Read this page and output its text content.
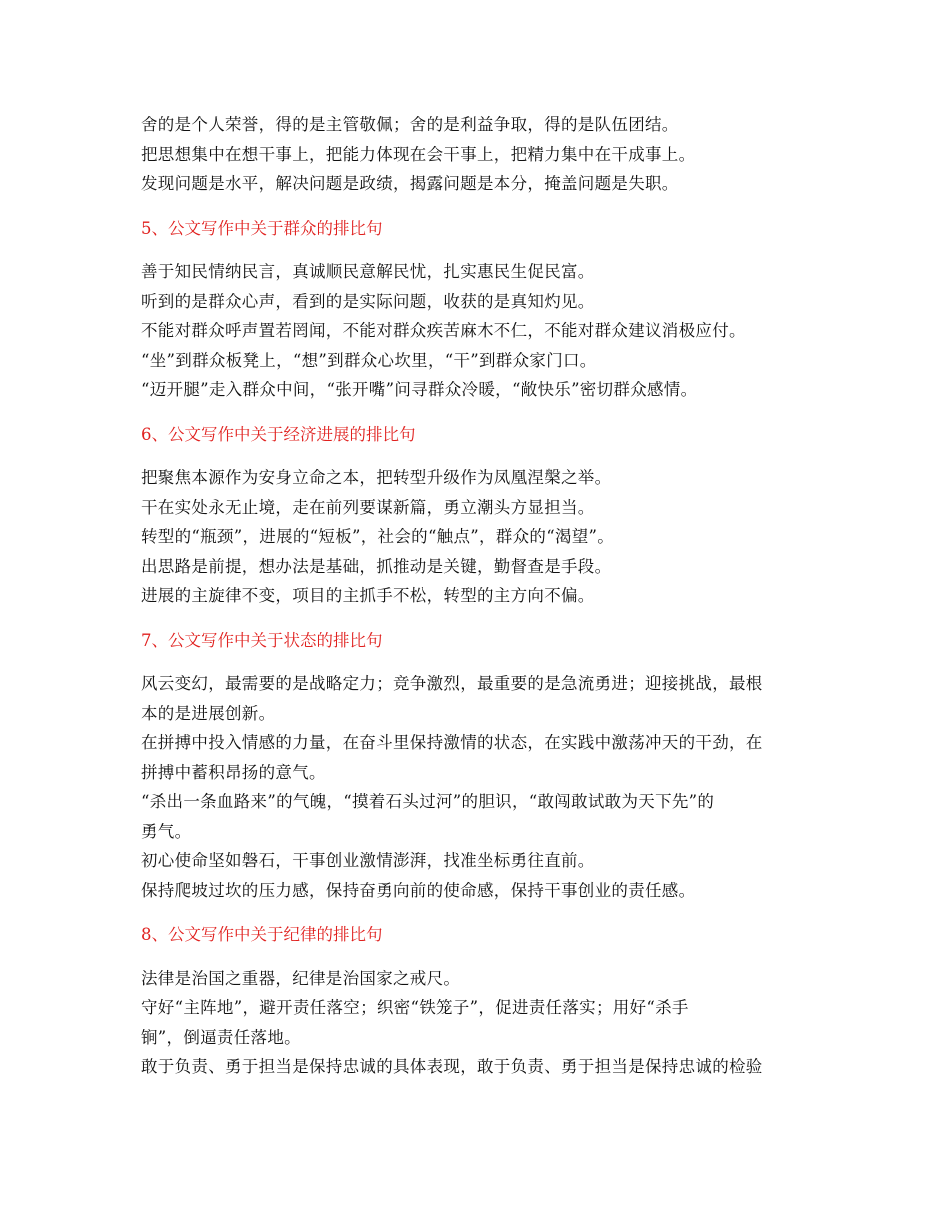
舍的是个人荣誉，得的是主管敬佩；舍的是利益争取，得的是队伍团结。
把思想集中在想干事上，把能力体现在会干事上，把精力集中在干成事上。
发现问题是水平，解决问题是政绩，揭露问题是本分，掩盖问题是失职。
5、公文写作中关于群众的排比句
善于知民情纳民言，真诚顺民意解民忧，扎实惠民生促民富。
听到的是群众心声，看到的是实际问题，收获的是真知灼见。
不能对群众呼声置若罔闻，不能对群众疾苦麻木不仁，不能对群众建议消极应付。
“坐”到群众板凳上，“想”到群众心坎里，“干”到群众家门口。
“迈开腿”走入群众中间，“张开嘴”问寻群众冷暖，“敞快乐”密切群众感情。
6、公文写作中关于经济进展的排比句
把聚焦本源作为安身立命之本，把转型升级作为凤凰涅槃之举。
干在实处永无止境，走在前列要谋新篇，勇立潮头方显担当。
转型的“瓶颈”，进展的“短板”，社会的“触点”，群众的“渴望”。
出思路是前提，想办法是基础，抓推动是关键，勤督查是手段。
进展的主旋律不变，项目的主抓手不松，转型的主方向不偏。
7、公文写作中关于状态的排比句
风云变幻，最需要的是战略定力；竞争激烈，最重要的是急流勇进；迎接挑战，最根
本的是进展创新。
在拼搏中投入情感的力量，在奋斗里保持激情的状态，在实践中激荡冲天的干劲，在
拼搏中蓄积昂扬的意气。
“杀出一条血路来”的气魄，“摸着石头过河”的胆识，“敢闯敢试敢为天下先”的
勇气。
初心使命坚如磐石，干事创业激情澎湃，找准坐标勇往直前。
保持爬坡过坎的压力感，保持奋勇向前的使命感，保持干事创业的责任感。
8、公文写作中关于纪律的排比句
法律是治国之重器，纪律是治国家之戒尺。
守好“主阵地”，避开责任落空；织密“铁笼子”，促进责任落实；用好“杀手
锏”，倒逼责任落地。
敢于负责、勇于担当是保持忠诚的具体表现，敢于负责、勇于担当是保持忠诚的检验
